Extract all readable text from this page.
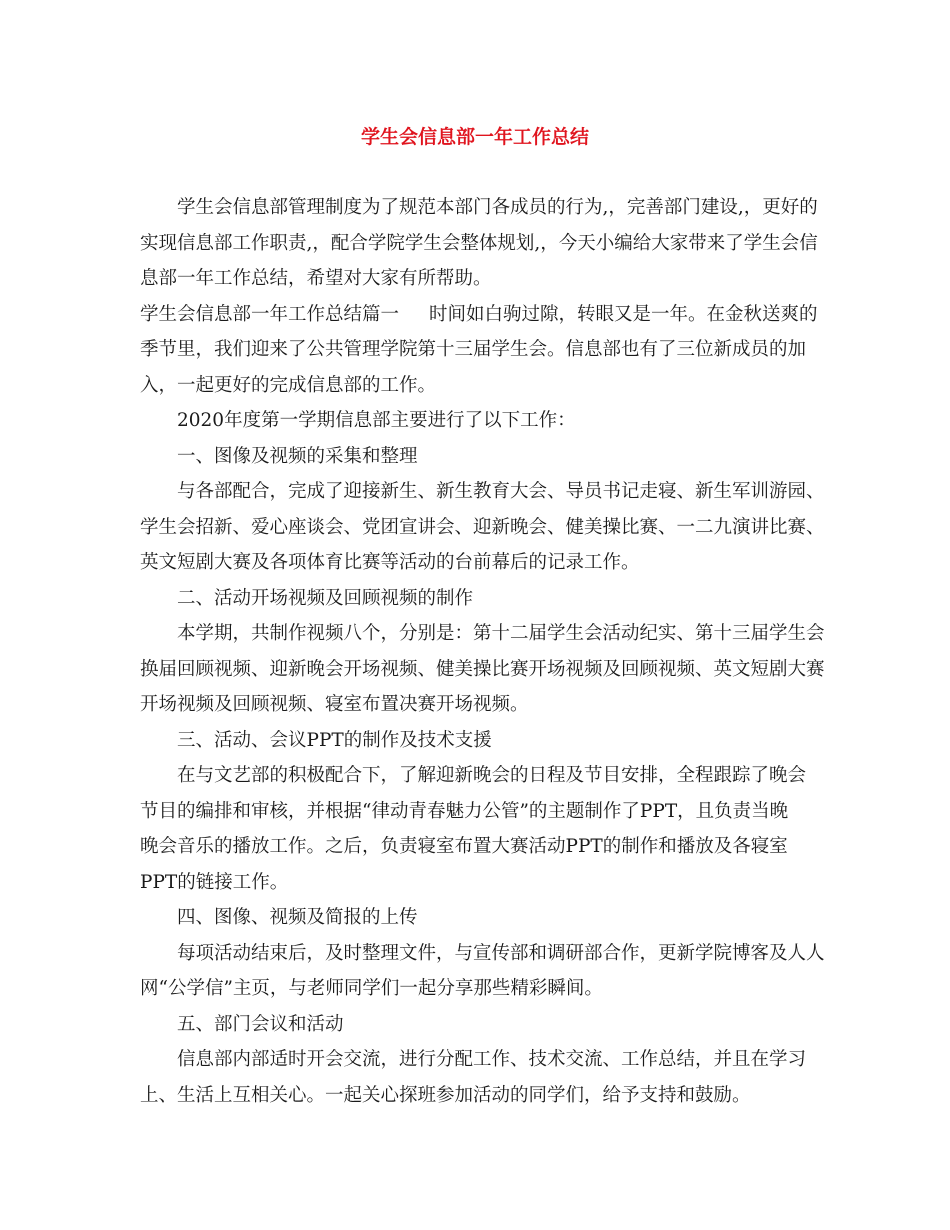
学生会信息部一年工作总结

学生会信息部管理制度为了规范本部门各成员的行为,，完善部门建设,，更好的实现信息部工作职责,，配合学院学生会整体规划,，今天小编给大家带来了学生会信息部一年工作总结，希望对大家有所帮助。

学生会信息部一年工作总结篇一 时间如白驹过隙，转眼又是一年。在金秋送爽的季节里，我们迎来了公共管理学院第十三届学生会。信息部也有了三位新成员的加入，一起更好的完成信息部的工作。

2020年度第一学期信息部主要进行了以下工作：

一、图像及视频的采集和整理

与各部配合，完成了迎接新生、新生教育大会、导员书记走寝、新生军训游园、学生会招新、爱心座谈会、党团宣讲会、迎新晚会、健美操比赛、一二九演讲比赛、英文短剧大赛及各项体育比赛等活动的台前幕后的记录工作。

二、活动开场视频及回顾视频的制作

本学期，共制作视频八个，分别是：第十二届学生会活动纪实、第十三届学生会换届回顾视频、迎新晚会开场视频、健美操比赛开场视频及回顾视频、英文短剧大赛开场视频及回顾视频、寝室布置决赛开场视频。

三、活动、会议PPT的制作及技术支援

在与文艺部的积极配合下，了解迎新晚会的日程及节目安排，全程跟踪了晚会

节目的编排和审核，并根据“律动青春魅力公管”的主题制作了PPT，且负责当晚

晚会音乐的播放工作。之后，负责寝室布置大赛活动PPT的制作和播放及各寝室

PPT的链接工作。

四、图像、视频及简报的上传

每项活动结束后，及时整理文件，与宣传部和调研部合作，更新学院博客及人人网“公学信”主页，与老师同学们一起分享那些精彩瞬间。

五、部门会议和活动

信息部内部适时开会交流，进行分配工作、技术交流、工作总结，并且在学习上、生活上互相关心。一起关心探班参加活动的同学们，给予支持和鼓励。
